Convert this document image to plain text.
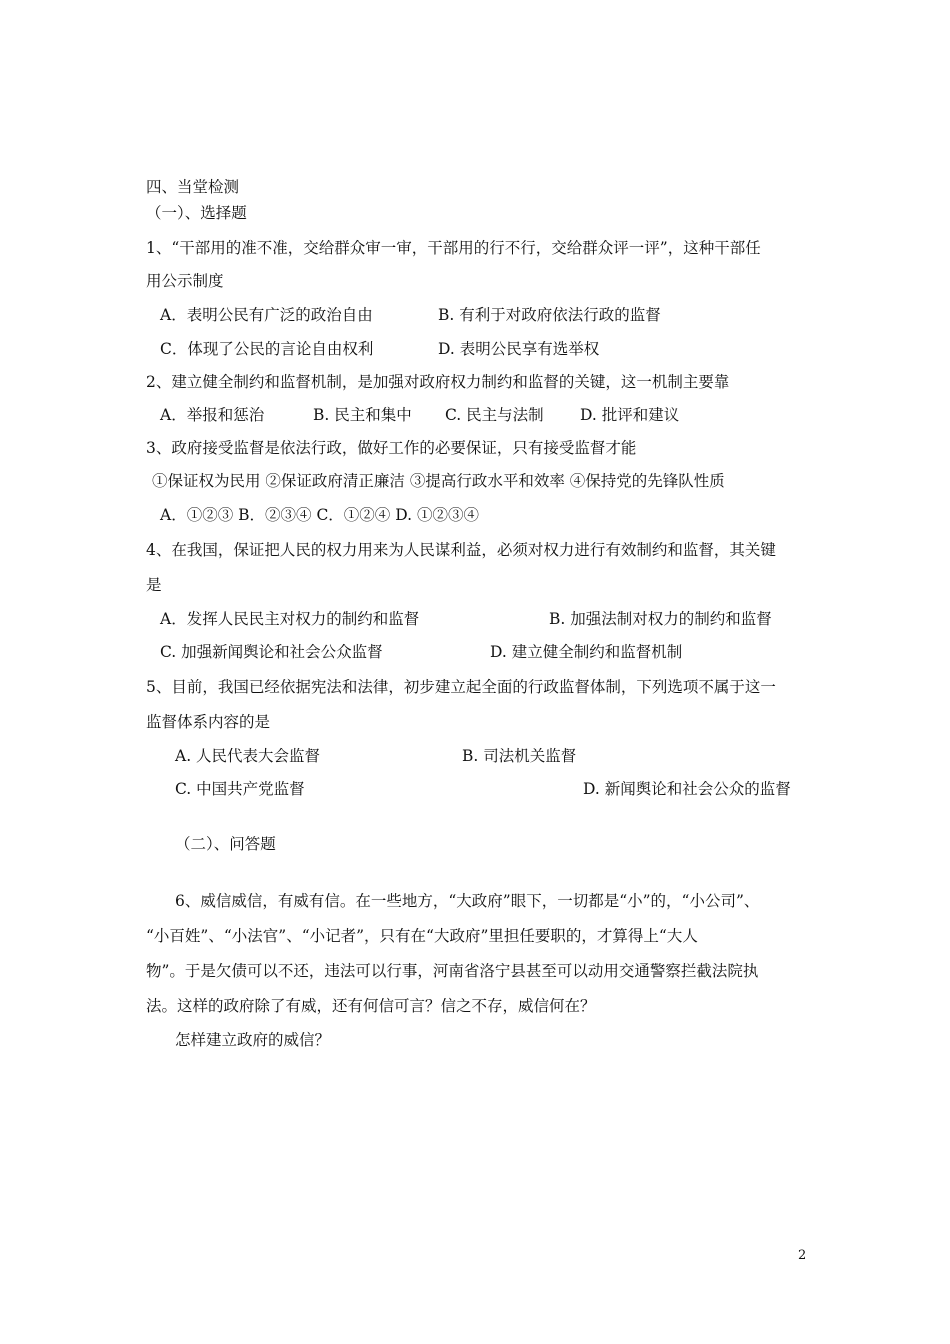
四、当堂检测
（一）、选择题
1、“干部用的准不准，交给群众审一审，干部用的行不行，交给群众评一评”，这种干部任
用公示制度
A．表明公民有广泛的政治自由	B. 有利于对政府依法行政的监督
C．体现了公民的言论自由权利	D. 表明公民享有选举权
2、建立健全制约和监督机制，是加强对政府权力制约和监督的关键，这一机制主要靠
A．举报和惩治	B. 民主和集中 C. 民主与法制 D. 批评和建议
3、政府接受监督是依法行政，做好工作的必要保证，只有接受监督才能
①保证权为民用 ②保证政府清正廉洁 ③提高行政水平和效率 ④保持党的先锋队性质
A．①②③ B．②③④ C．①②④ D. ①②③④
4、在我国，保证把人民的权力用来为人民谋利益，必须对权力进行有效制约和监督，其关键
是
A．发挥人民民主对权力的制约和监督	B. 加强法制对权力的制约和监督
C. 加强新闻舆论和社会公众监督	D. 建立健全制约和监督机制
5、目前，我国已经依据宪法和法律，初步建立起全面的行政监督体制，下列选项不属于这一
监督体系内容的是
A. 人民代表大会监督	B. 司法机关监督
C. 中国共产党监督	D. 新闻舆论和社会公众的监督
（二）、问答题
6、威信威信，有威有信。在一些地方，“大政府”眼下，一切都是“小”的，“小公司”、
“小百姓”、“小法官”、“小记者”，只有在“大政府”里担任要职的，才算得上“大人
物”。于是欠债可以不还，违法可以行事，河南省洛宁县甚至可以动用交通警察拦截法院执
法。这样的政府除了有威，还有何信可言？信之不存，威信何在？
怎样建立政府的威信？
2
